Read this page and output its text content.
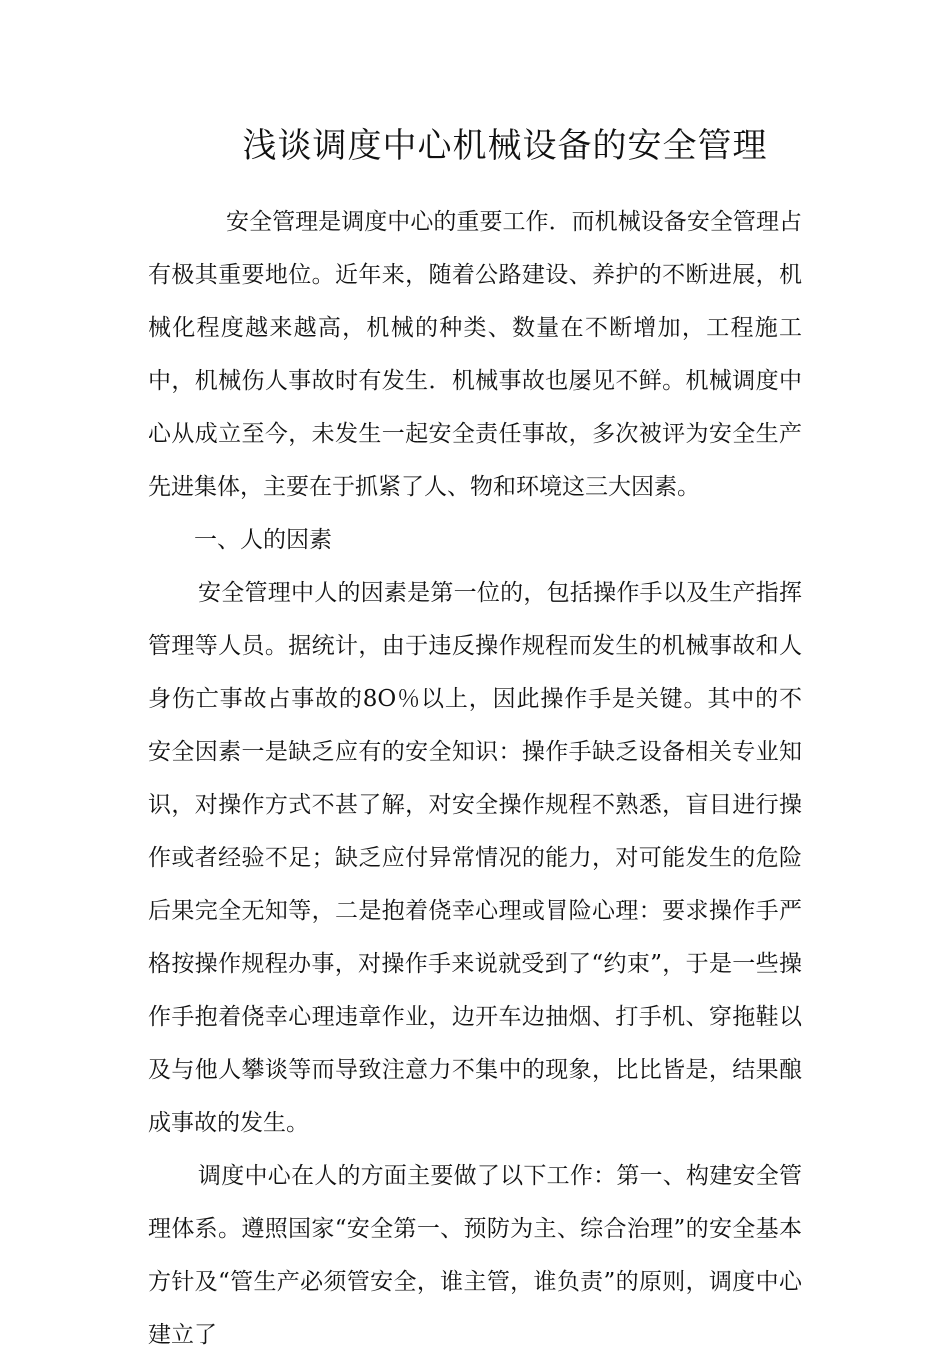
浅谈调度中心机械设备的安全管理

安全管理是调度中心的重要工作．而机械设备安全管理占有极其重要地位。近年来，随着公路建设、养护的不断进展，机械化程度越来越高，机械的种类、数量在不断增加，工程施工中，机械伤人事故时有发生．机械事故也屡见不鲜。机械调度中心从成立至今，未发生一起安全责任事故，多次被评为安全生产先进集体，主要在于抓紧了人、物和环境这三大因素。

一、人的因素

安全管理中人的因素是第一位的，包括操作手以及生产指挥管理等人员。据统计，由于违反操作规程而发生的机械事故和人身伤亡事故占事故的8O％以上，因此操作手是关键。其中的不安全因素一是缺乏应有的安全知识：操作手缺乏设备相关专业知识，对操作方式不甚了解，对安全操作规程不熟悉，盲目进行操作或者经验不足；缺乏应付异常情况的能力，对可能发生的危险后果完全无知等，二是抱着侥幸心理或冒险心理：要求操作手严格按操作规程办事，对操作手来说就受到了“约束”，于是一些操作手抱着侥幸心理违章作业，边开车边抽烟、打手机、穿拖鞋以及与他人攀谈等而导致注意力不集中的现象，比比皆是，结果酿成事故的发生。

调度中心在人的方面主要做了以下工作：第一、构建安全管理体系。遵照国家“安全第一、预防为主、综合治理”的安全基本方针及“管生产必须管安全，谁主管，谁负责”的原则，调度中心建立了
